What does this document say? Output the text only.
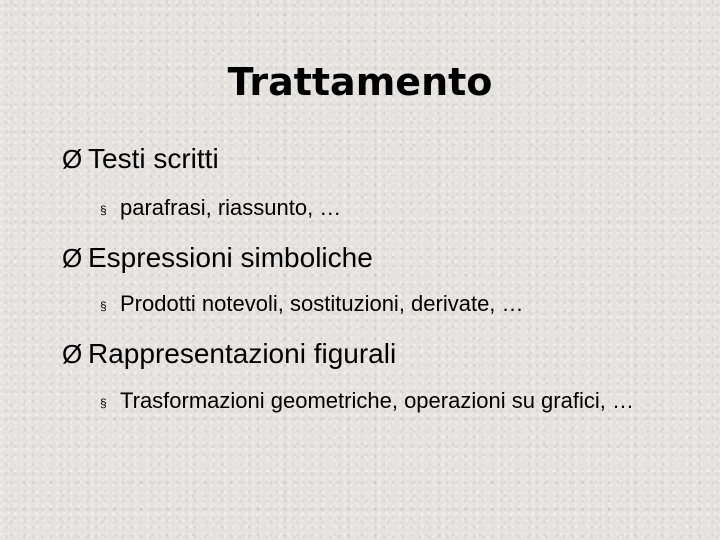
Trattamento
Ø Testi scritti
§ parafrasi, riassunto, …
Ø Espressioni simboliche
§ Prodotti notevoli, sostituzioni, derivate, …
Ø Rappresentazioni figurali
§ Trasformazioni geometriche, operazioni su grafici, …
